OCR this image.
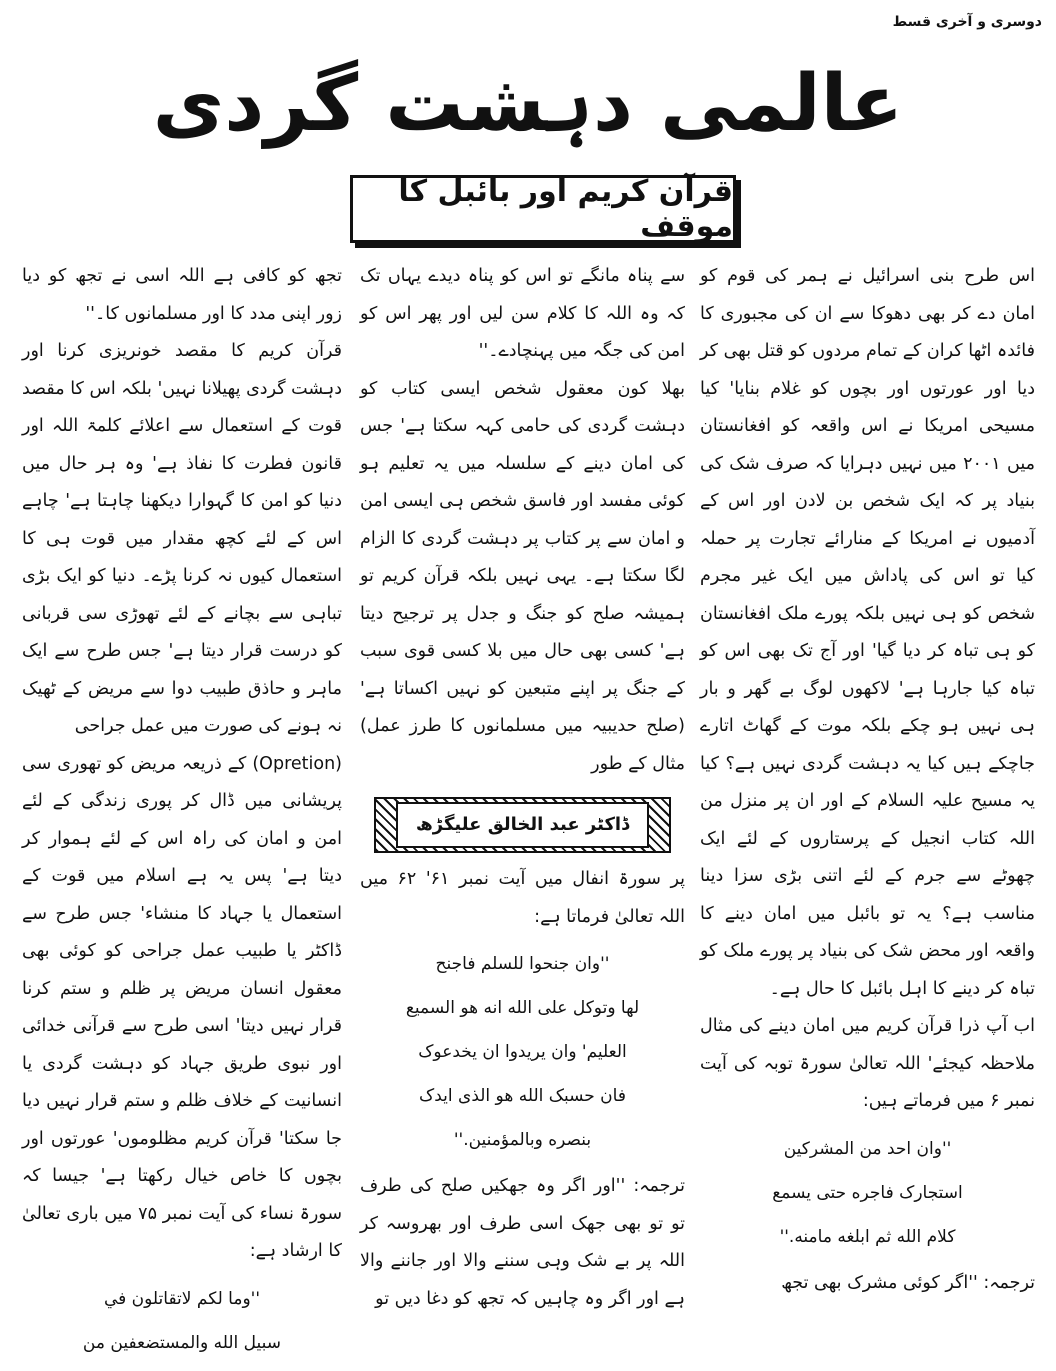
دوسری و آخری قسط
عالمی دہشت گردی
قرآن کریم اور بائبل کا موقف

اس طرح بنی اسرائیل نے ہمر کی قوم کو امان دے کر بھی دھوکا سے ان کی مجبوری کا فائدہ اٹھا کران کے تمام مردوں کو قتل بھی کر دیا اور عورتوں اور بچوں کو غلام بنایا' کیا مسیحی امریکا نے اس واقعہ کو افغانستان میں ۲۰۰۱ میں نہیں دہرایا کہ صرف شک کی بنیاد پر کہ ایک شخص بن لادن اور اس کے آدمیوں نے امریکا کے منارائے تجارت پر حملہ کیا تو اس کی پاداش میں ایک غیر مجرم شخص کو ہی نہیں بلکہ پورے ملک افغانستان کو ہی تباہ کر دیا گیا' اور آج تک بھی اس کو تباہ کیا جارہا ہے' لاکھوں لوگ بے گھر و بار ہی نہیں ہو چکے بلکہ موت کے گھاٹ اتارے جاچکے ہیں کیا یہ دہشت گردی نہیں ہے؟ کیا یہ مسیح علیہ السلام کے اور ان پر منزل من اللہ کتاب انجیل کے پرستاروں کے لئے ایک چھوٹے سے جرم کے لئے اتنی بڑی سزا دینا مناسب ہے؟ یہ تو بائبل میں امان دینے کا واقعہ اور محض شک کی بنیاد پر پورے ملک کو تباہ کر دینے کا اہل بائبل کا حال ہے۔

اب آپ ذرا قرآن کریم میں امان دینے کی مثال ملاحظہ کیجئے' اللہ تعالیٰ سورۃ توبہ کی آیت نمبر ۶ میں فرماتے ہیں:

''وان احد من المشركين
استجارک فاجره حتى يسمع
كلام الله ثم ابلغه مامنه.''

ترجمہ: ''اگر کوئی مشرک بھی تجھ

سے پناہ مانگے تو اس کو پناہ دیدے یہاں تک کہ وہ اللہ کا کلام سن لیں اور پھر اس کو امن کی جگہ میں پہنچادے۔''

بھلا کون معقول شخص ایسی کتاب کو دہشت گردی کی حامی کہہ سکتا ہے' جس کی امان دینے کے سلسلہ میں یہ تعلیم ہو کوئی مفسد اور فاسق شخص ہی ایسی امن و امان سے پر کتاب پر دہشت گردی کا الزام لگا سکتا ہے۔ یہی نہیں بلکہ قرآن کریم تو ہمیشہ صلح کو جنگ و جدل پر ترجیح دیتا ہے' کسی بھی حال میں بلا کسی قوی سبب کے جنگ پر اپنے متبعین کو نہیں اکساتا ہے' (صلح حدیبیہ میں مسلمانوں کا طرز عمل) مثال کے طور

ڈاکٹر عبد الخالق علیگڑھ

پر سورۃ انفال میں آیت نمبر ۶۱' ۶۲ میں اللہ تعالیٰ فرماتا ہے:

''وان جنحوا للسلم فاجنح
لها وتوكل على الله انه هو السميع
العليم' وان يريدوا ان يخدعوک
فان حسبک الله هو الذی ايدک
بنصره وبالمؤمنين.''

ترجمہ: ''اور اگر وہ جھکیں صلح کی طرف تو تو بھی جھک اسی طرف اور بھروسہ کر اللہ پر بے شک وہی سننے والا اور جاننے والا ہے اور اگر وہ چاہیں کہ تجھ کو دغا دیں تو

تجھ کو کافی ہے اللہ اسی نے تجھ کو دیا زور اپنی مدد کا اور مسلمانوں کا۔''

قرآن کریم کا مقصد خونریزی کرنا اور دہشت گردی پھیلانا نہیں' بلکہ اس کا مقصد قوت کے استعمال سے اعلائے کلمۃ اللہ اور قانون فطرت کا نفاذ ہے' وہ ہر حال میں دنیا کو امن کا گہوارا دیکھنا چاہتا ہے' چاہے اس کے لئے کچھ مقدار میں قوت ہی کا استعمال کیوں نہ کرنا پڑے۔ دنیا کو ایک بڑی تباہی سے بچانے کے لئے تھوڑی سی قربانی کو درست قرار دیتا ہے' جس طرح سے ایک ماہر و حاذق طبیب دوا سے مریض کے ٹھیک نہ ہونے کی صورت میں عمل جراحی

(Opretion) کے ذریعہ مریض کو تھوری سی پریشانی میں ڈال کر پوری زندگی کے لئے امن و امان کی راہ اس کے لئے ہموار کر دیتا ہے' پس یہ ہے اسلام میں قوت کے استعمال یا جہاد کا منشاء' جس طرح سے ڈاکٹر یا طبیب عمل جراحی کو کوئی بھی معقول انسان مریض پر ظلم و ستم کرنا قرار نہیں دیتا' اسی طرح سے قرآنی خدائی اور نبوی طریق جہاد کو دہشت گردی یا انسانیت کے خلاف ظلم و ستم قرار نہیں دیا جا سکتا' قرآن کریم مظلوموں' عورتوں اور بچوں کا خاص خیال رکھتا ہے' جیسا کہ سورۃ نساء کی آیت نمبر ۷۵ میں باری تعالیٰ کا ارشاد ہے:

''وما لكم لاتقاتلون في
سبيل الله والمستضعفين من
